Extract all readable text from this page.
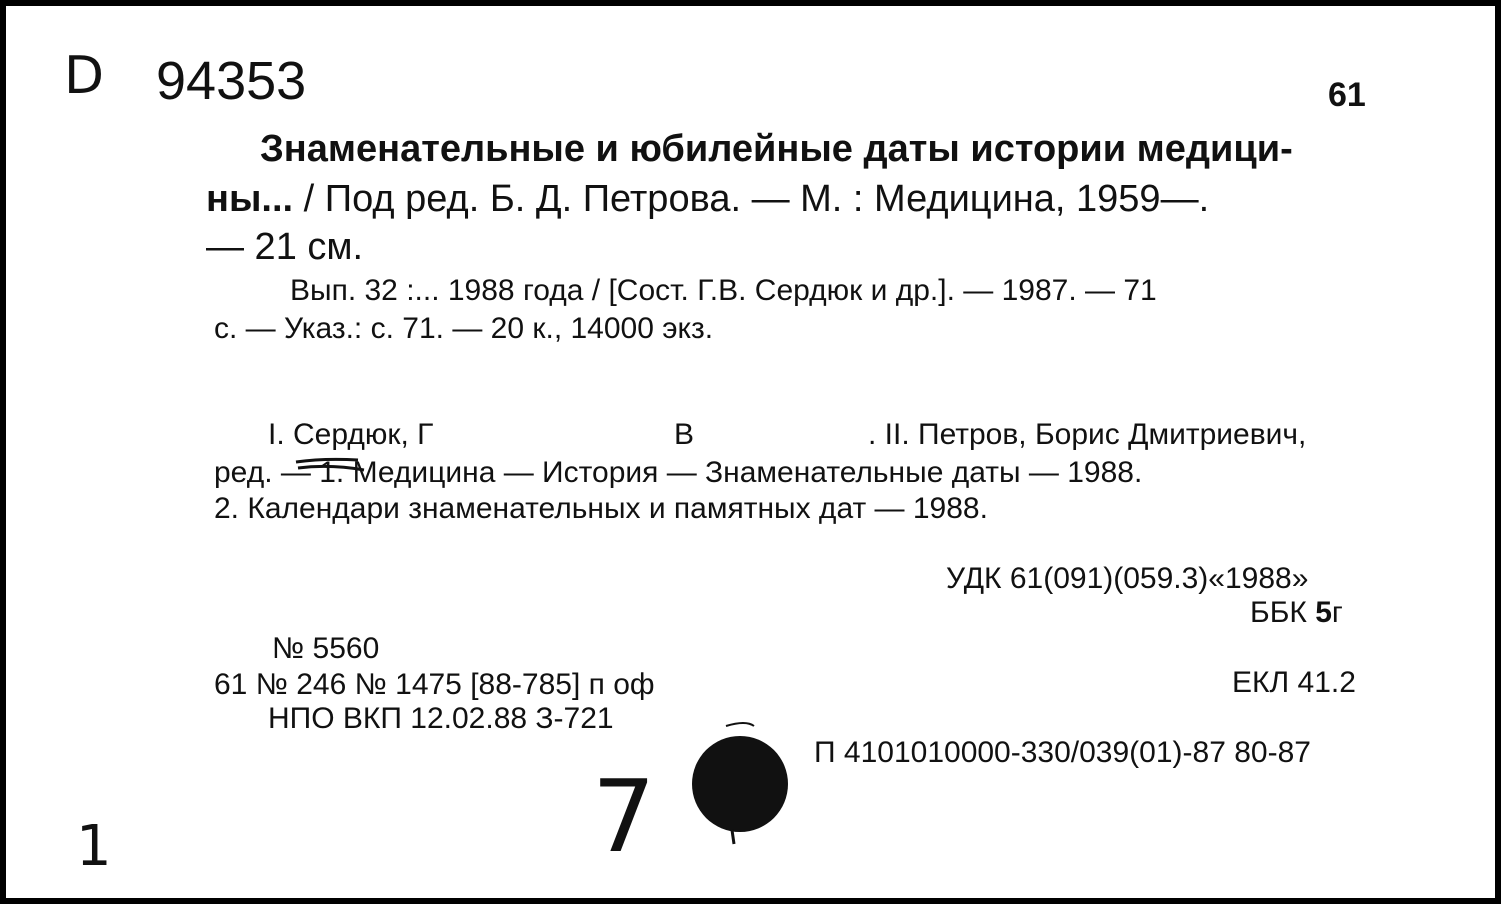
D 94353	61
Знаменательные и юбилейные даты истории медици-
ны... / Под ред. Б. Д. Петрова. — М. : Медицина, 1959—.
— 21 см.
Вып. 32 :... 1988 года / [Сост. Г.В. Сердюк и др.]. — 1987. — 71
с. — Указ.: с. 71. — 20 к., 14000 экз.
I. Сердюк, Г	В	. II. Петров, Борис Дмитриевич,
ред. — 1. Медицина — История — Знаменательные даты — 1988.
2. Календари знаменательных и памятных дат — 1988.
УДК 61(091)(059.3)«1988»
ББК 5г
№ 5560
61 № 246 № 1475 [88-785] п оф	ЕКЛ 41.2
НПО ВКП 12.02.88 З-721
П 4101010000-330/039(01)-87 80-87
1	7
